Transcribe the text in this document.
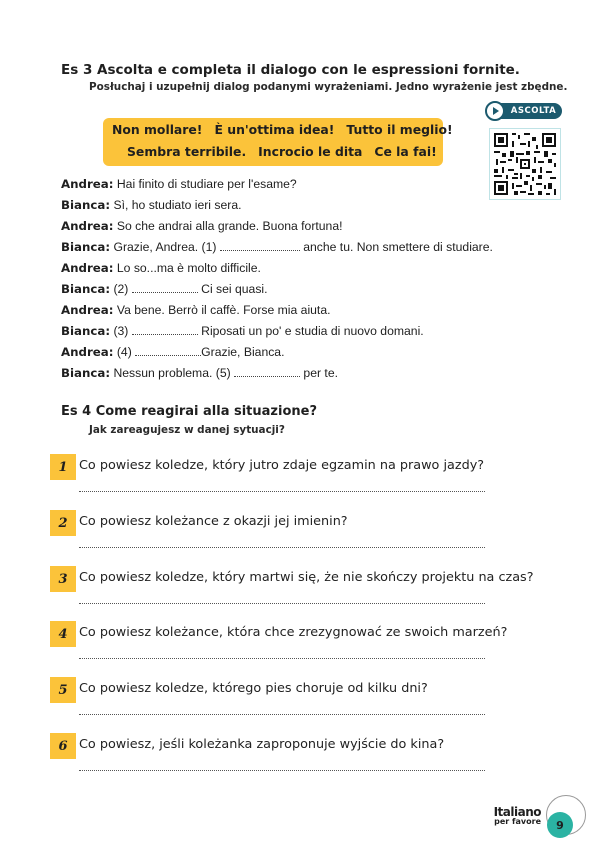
Es 3 Ascolta e completa il dialogo con le espressioni fornite.
Posłuchaj i uzupełnij dialog podanymi wyrażeniami. Jedno wyrażenie jest zbędne.
ASCOLTA
Non mollare! È un'ottima idea! Tutto il meglio!
Sembra terribile. Incrocio le dita Ce la fai!
Andrea: Hai finito di studiare per l'esame?
Bianca: Sì, ho studiato ieri sera.
Andrea: So che andrai alla grande. Buona fortuna!
Bianca: Grazie, Andrea. (1)	anche tu. Non smettere di studiare.
Andrea: Lo so...ma è molto difficile.
Bianca: (2)	Ci sei quasi.
Andrea: Va bene. Berrò il caffè. Forse mia aiuta.
Bianca: (3)	Riposati un po' e studia di nuovo domani.
Andrea: (4)	Grazie, Bianca.
Bianca: Nessun problema. (5)	per te.
Es 4 Come reagirai alla situazione?
Jak zareagujesz w danej sytuacji?
1 Co powiesz koledze, który jutro zdaje egzamin na prawo jazdy?
2 Co powiesz koleżance z okazji jej imienin?
3 Co powiesz koledze, który martwi się, że nie skończy projektu na czas?
4 Co powiesz koleżance, która chce zrezygnować ze swoich marzeń?
5 Co powiesz koledze, którego pies choruje od kilku dni?
6 Co powiesz, jeśli koleżanka zaproponuje wyjście do kina?
Italiano
per favore	9
